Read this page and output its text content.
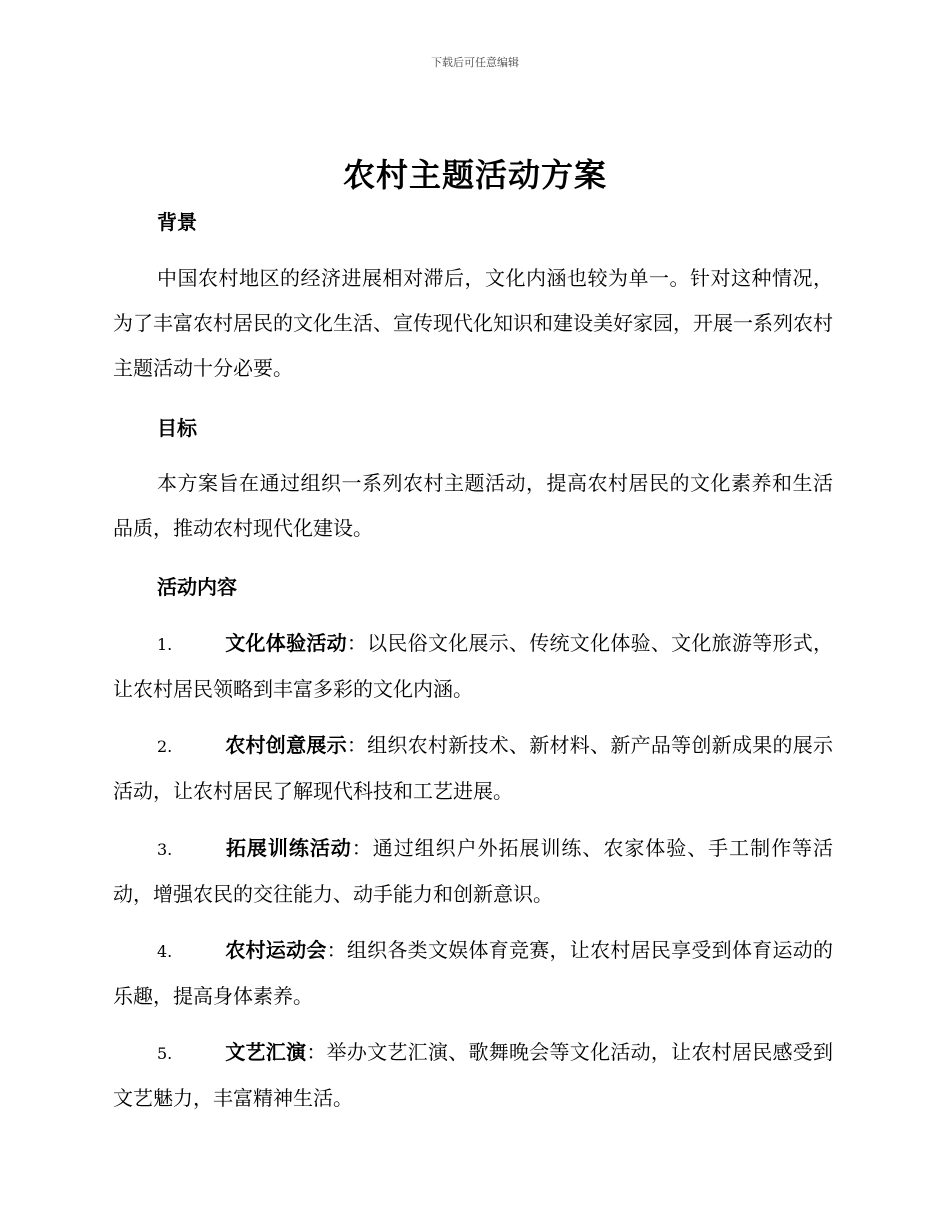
下载后可任意编辑
农村主题活动方案
背景
中国农村地区的经济进展相对滞后，文化内涵也较为单一。针对这种情况，为了丰富农村居民的文化生活、宣传现代化知识和建设美好家园，开展一系列农村主题活动十分必要。
目标
本方案旨在通过组织一系列农村主题活动，提高农村居民的文化素养和生活品质，推动农村现代化建设。
活动内容
1.	文化体验活动：以民俗文化展示、传统文化体验、文化旅游等形式，让农村居民领略到丰富多彩的文化内涵。
2.	农村创意展示：组织农村新技术、新材料、新产品等创新成果的展示活动，让农村居民了解现代科技和工艺进展。
3.	拓展训练活动：通过组织户外拓展训练、农家体验、手工制作等活动，增强农民的交往能力、动手能力和创新意识。
4.	农村运动会：组织各类文娱体育竞赛，让农村居民享受到体育运动的乐趣，提高身体素养。
5.	文艺汇演：举办文艺汇演、歌舞晚会等文化活动，让农村居民感受到文艺魅力，丰富精神生活。
